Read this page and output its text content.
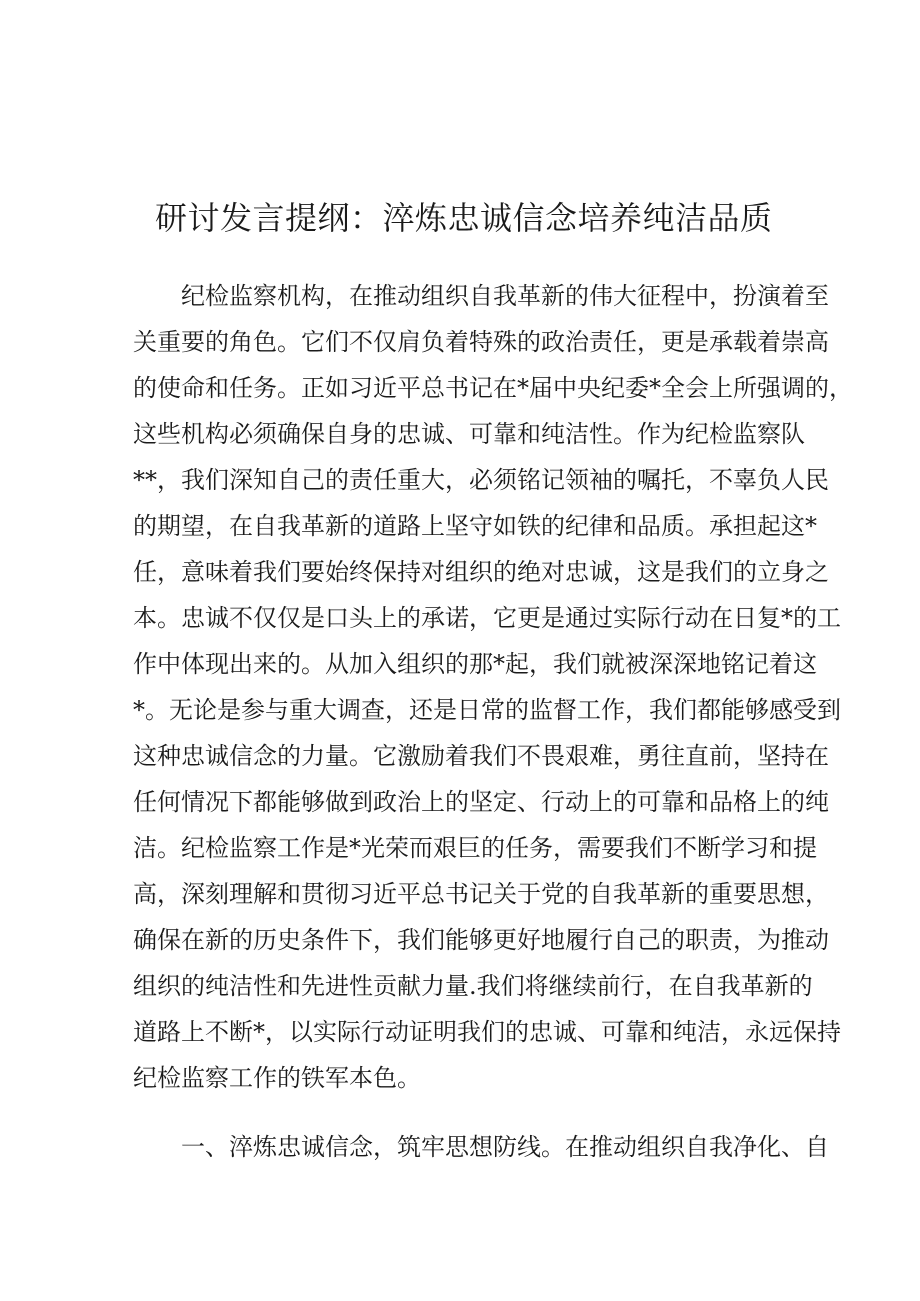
研讨发言提纲：淬炼忠诚信念培养纯洁品质

纪检监察机构，在推动组织自我革新的伟大征程中，扮演着至

关重要的角色。它们不仅肩负着特殊的政治责任，更是承载着崇高

的使命和任务。正如习近平总书记在*届中央纪委*全会上所强调的，

这些机构必须确保自身的忠诚、可靠和纯洁性。作为纪检监察队

**，我们深知自己的责任重大，必须铭记领袖的嘱托，不辜负人民

的期望，在自我革新的道路上坚守如铁的纪律和品质。承担起这*

任，意味着我们要始终保持对组织的绝对忠诚，这是我们的立身之

本。忠诚不仅仅是口头上的承诺，它更是通过实际行动在日复*的工

作中体现出来的。从加入组织的那*起，我们就被深深地铭记着这

*。无论是参与重大调查，还是日常的监督工作，我们都能够感受到

这种忠诚信念的力量。它激励着我们不畏艰难，勇往直前，坚持在

任何情况下都能够做到政治上的坚定、行动上的可靠和品格上的纯

洁。纪检监察工作是*光荣而艰巨的任务，需要我们不断学习和提

高，深刻理解和贯彻习近平总书记关于党的自我革新的重要思想，

确保在新的历史条件下，我们能够更好地履行自己的职责，为推动

组织的纯洁性和先进性贡献力量.我们将继续前行，在自我革新的

道路上不断*，以实际行动证明我们的忠诚、可靠和纯洁，永远保持

纪检监察工作的铁军本色。

一、淬炼忠诚信念，筑牢思想防线。在推动组织自我净化、自
